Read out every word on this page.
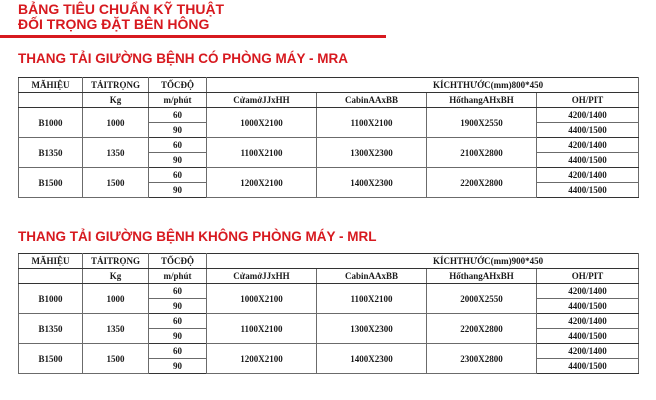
BẢNG TIÊU CHUẨN KỸ THUẬT
ĐỐI TRỌNG ĐẶT BÊN HÔNG
THANG TẢI GIƯỜNG BỆNH CÓ PHÒNG MÁY - MRA
MÃHIỆU	TẢITRỌNG	TỐCĐỘ	KÍCHTHƯỚC(mm)800*450			
	Kg	m/phút	CửamởJJxHH	CabinAAxBB	HốthangAHxBH	OH/PIT
B1000	1000	60	1000X2100	1100X2100	1900X2550	4200/1400
		90				4400/1500
B1350	1350	60	1100X2100	1300X2300	2100X2800	4200/1400
		90				4400/1500
B1500	1500	60	1200X2100	1400X2300	2200X2800	4200/1400
		90				4400/1500
THANG TẢI GIƯỜNG BỆNH KHÔNG PHÒNG MÁY - MRL
MÃHIỆU	TẢITRỌNG	TỐCĐỘ	KÍCHTHƯỚC(mm)900*450			
	Kg	m/phút	CửamởJJxHH	CabinAAxBB	HốthangAHxBH	OH/PIT
B1000	1000	60	1000X2100	1100X2100	2000X2550	4200/1400
		90				4400/1500
B1350	1350	60	1100X2100	1300X2300	2200X2800	4200/1400
		90				4400/1500
B1500	1500	60	1200X2100	1400X2300	2300X2800	4200/1400
		90				4400/1500
